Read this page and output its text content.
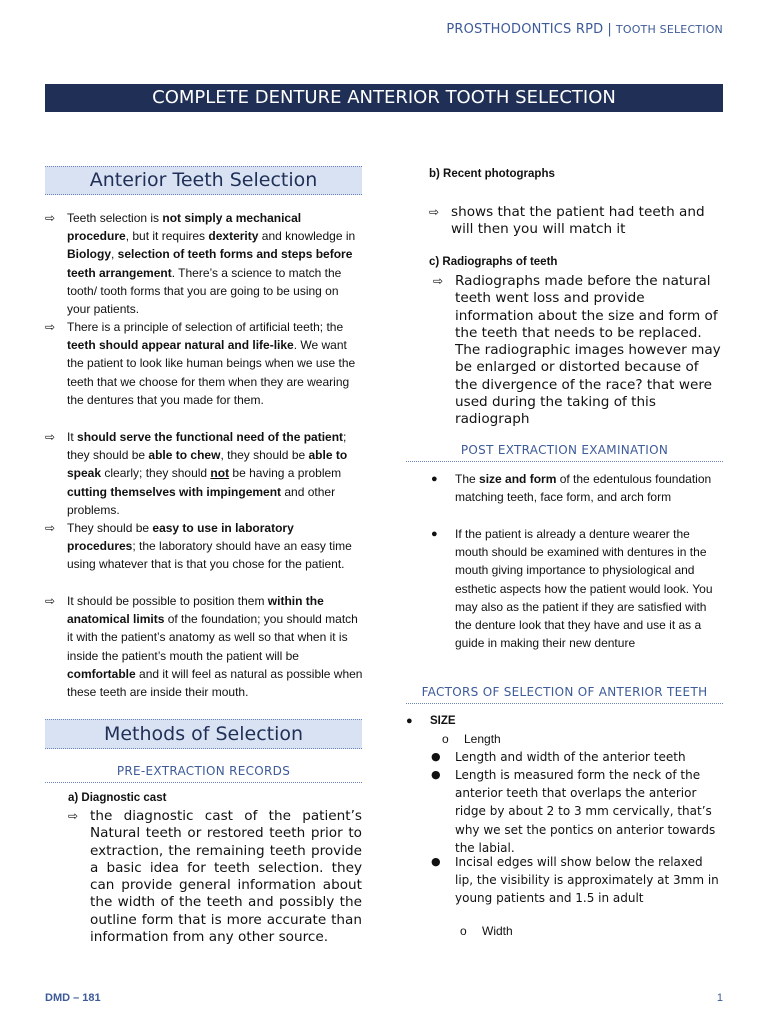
PROSTHODONTICS RPD | TOOTH SELECTION
COMPLETE DENTURE ANTERIOR TOOTH SELECTION
Anterior Teeth Selection
⇨ Teeth selection is not simply a mechanical procedure, but it requires dexterity and knowledge in Biology, selection of teeth forms and steps before teeth arrangement. There’s a science to match the tooth/ tooth forms that you are going to be using on your patients.
⇨ There is a principle of selection of artificial teeth; the teeth should appear natural and life-like. We want the patient to look like human beings when we use the teeth that we choose for them when they are wearing the dentures that you made for them.
⇨ It should serve the functional need of the patient; they should be able to chew, they should be able to speak clearly; they should not be having a problem cutting themselves with impingement and other problems.
⇨ They should be easy to use in laboratory procedures; the laboratory should have an easy time using whatever that is that you chose for the patient.
⇨ It should be possible to position them within the anatomical limits of the foundation; you should match it with the patient’s anatomy as well so that when it is inside the patient’s mouth the patient will be comfortable and it will feel as natural as possible when these teeth are inside their mouth.
Methods of Selection
PRE-EXTRACTION RECORDS
a) Diagnostic cast
⇨ the diagnostic cast of the patient’s Natural teeth or restored teeth prior to extraction, the remaining teeth provide a basic idea for teeth selection. they can provide general information about the width of the teeth and possibly the outline form that is more accurate than information from any other source.
b) Recent photographs
⇨ shows that the patient had teeth and will then you will match it
c) Radiographs of teeth
⇨ Radiographs made before the natural teeth went loss and provide information about the size and form of the teeth that needs to be replaced. The radiographic images however may be enlarged or distorted because of the divergence of the race? that were used during the taking of this radiograph
POST EXTRACTION EXAMINATION
● The size and form of the edentulous foundation matching teeth, face form, and arch form
● If the patient is already a denture wearer the mouth should be examined with dentures in the mouth giving importance to physiological and esthetic aspects how the patient would look. You may also as the patient if they are satisfied with the denture look that they have and use it as a guide in making their new denture
FACTORS OF SELECTION OF ANTERIOR TEETH
● SIZE
o Length
● Length and width of the anterior teeth
● Length is measured form the neck of the anterior teeth that overlaps the anterior ridge by about 2 to 3 mm cervically, that’s why we set the pontics on anterior towards the labial.
● Incisal edges will show below the relaxed lip, the visibility is approximately at 3mm in young patients and 1.5 in adult
o Width
DMD – 181	1
